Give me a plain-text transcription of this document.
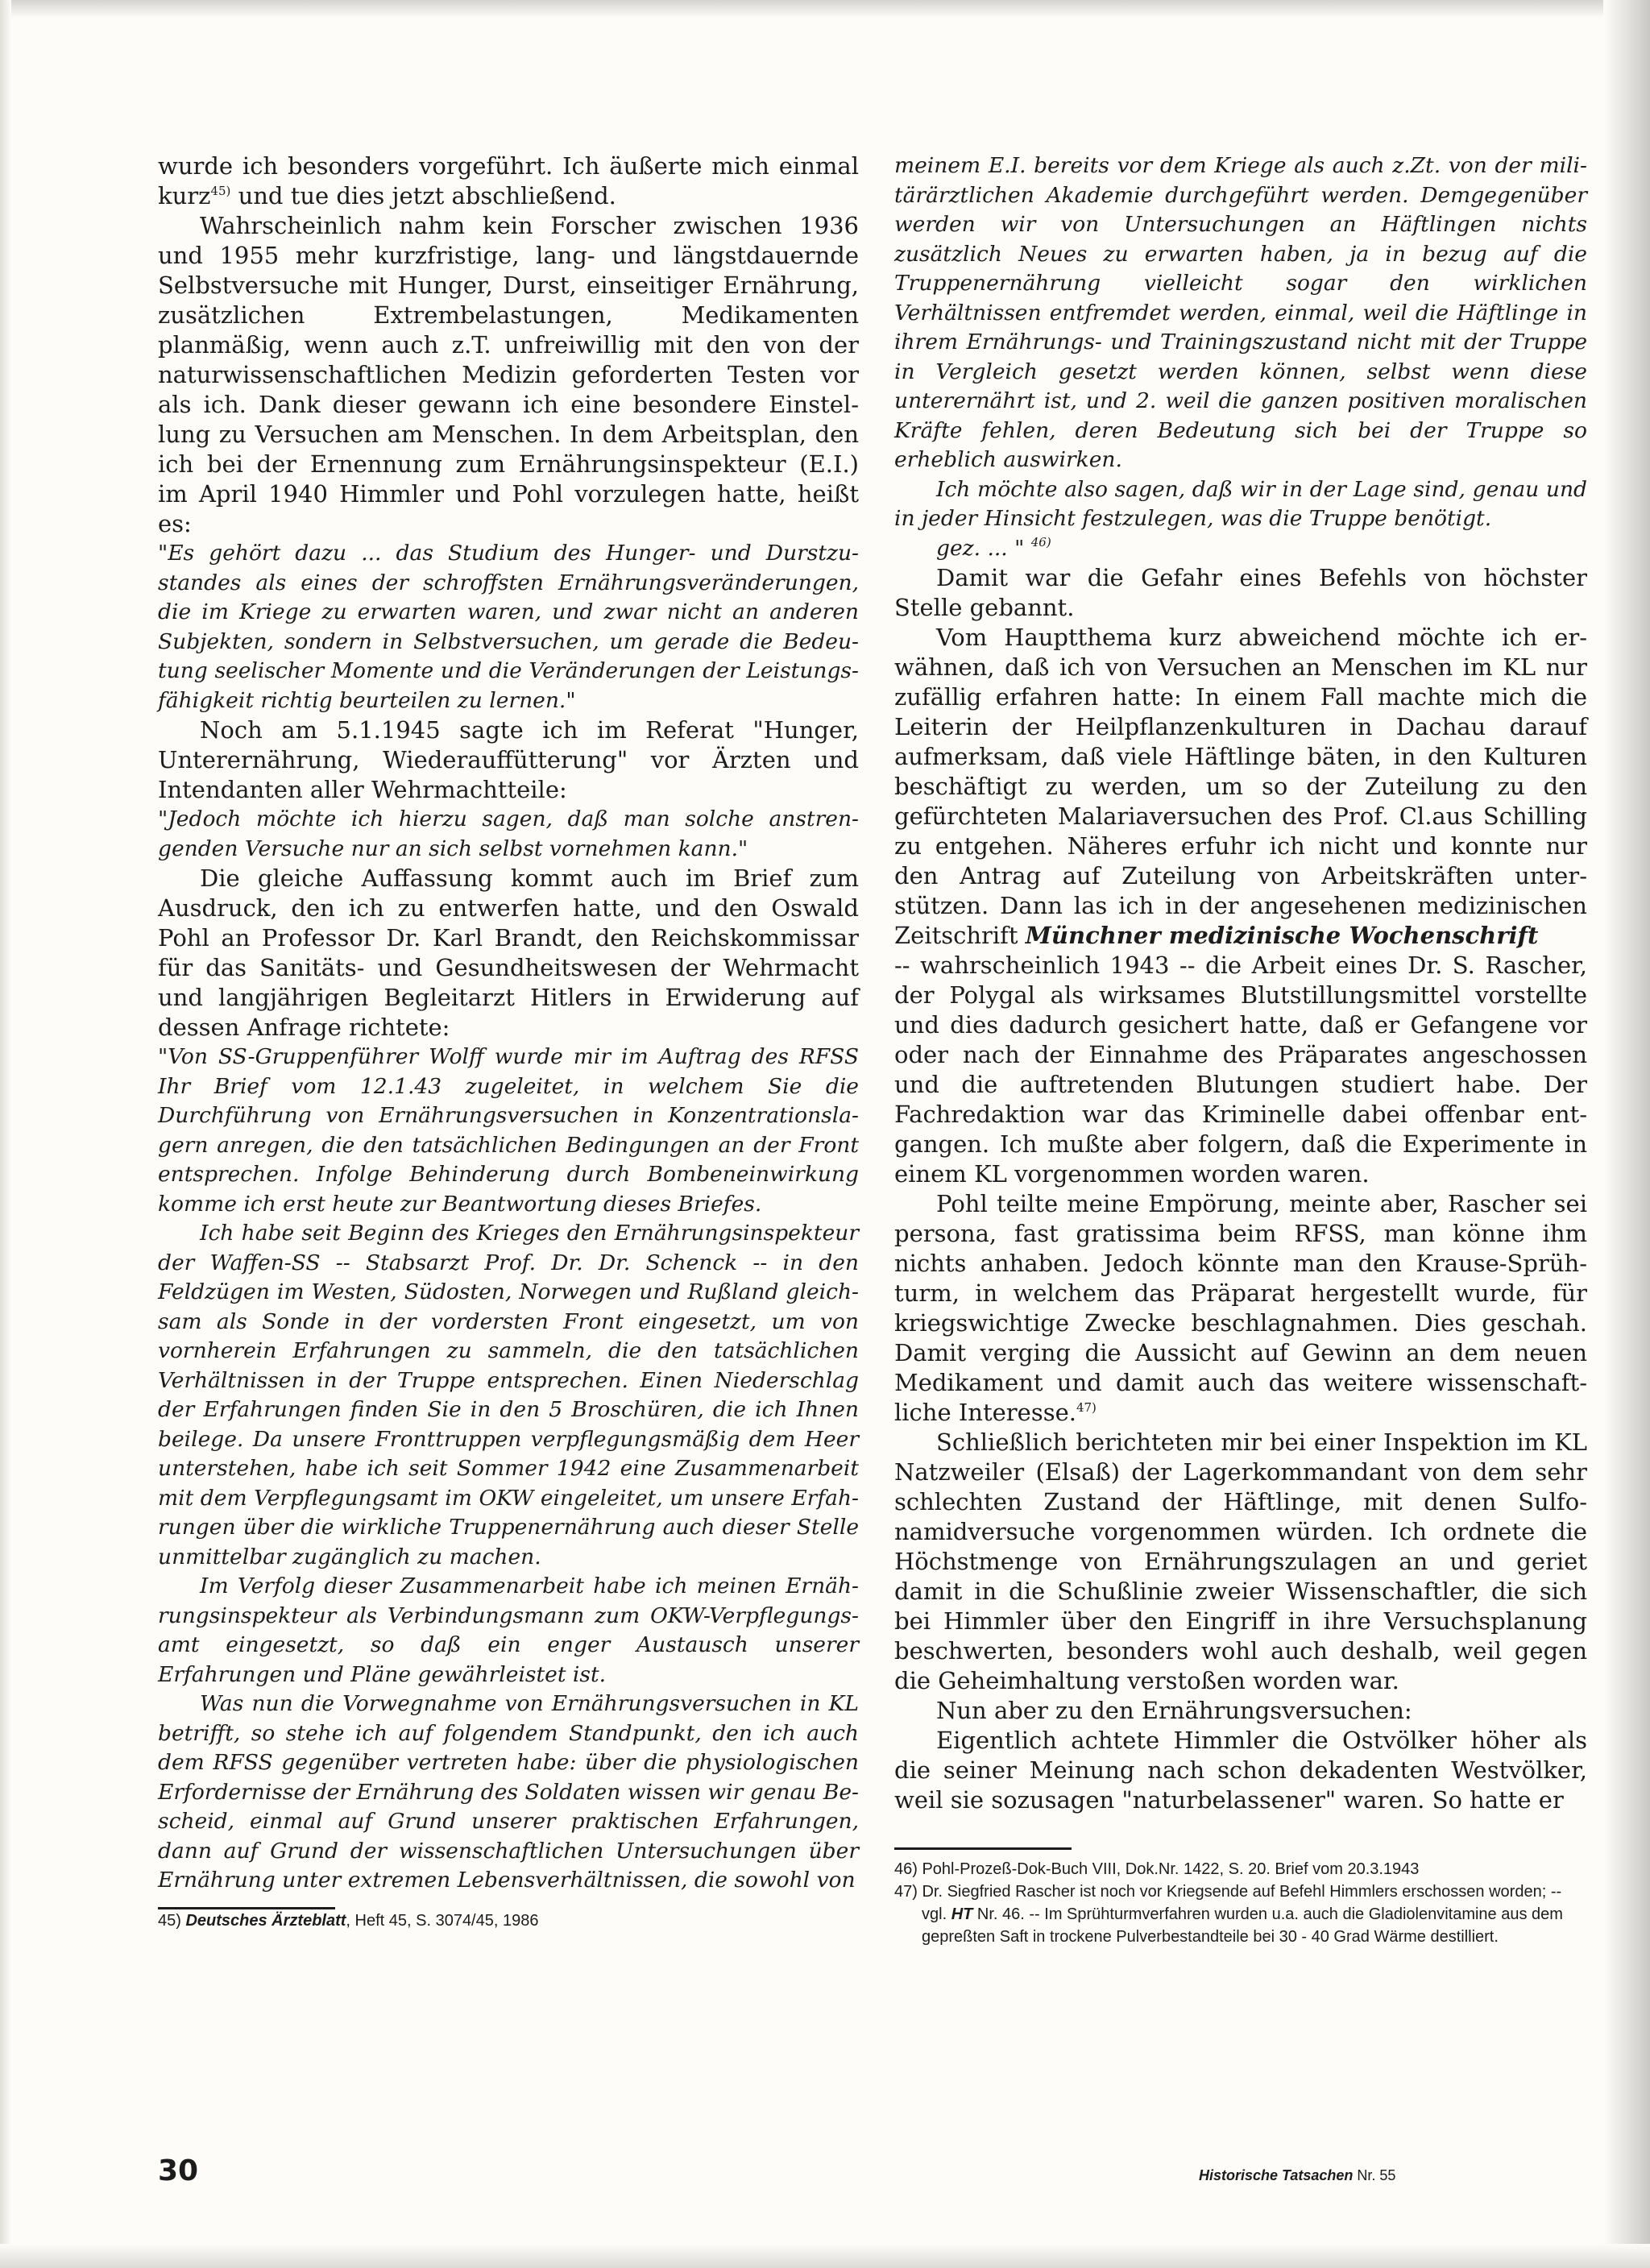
wurde ich besonders vorgeführt. Ich äußerte mich einmal kurz$^{45)}$ und tue dies jetzt abschließend.

Wahrscheinlich nahm kein Forscher zwischen 1936 und 1955 mehr kurzfristige, lang- und längstdauernde Selbstversuche mit Hunger, Durst, einseitiger Ernährung, zusätzlichen Extrembelastungen, Medikamenten planmäßig, wenn auch z.T. unfreiwillig mit den von der naturwissenschaftlichen Medizin geforderten Testen vor als ich. Dank dieser gewann ich eine besondere Einstellung zu Versuchen am Menschen. In dem Arbeitsplan, den ich bei der Ernennung zum Ernährungsinspekteur (E.I.) im April 1940 Himmler und Pohl vorzulegen hatte, heißt es:

"Es gehört dazu ... das Studium des Hunger- und Durstzustandes als eines der schroffsten Ernährungsveränderungen, die im Kriege zu erwarten waren, und zwar nicht an anderen Subjekten, sondern in Selbstversuchen, um gerade die Bedeutung seelischer Momente und die Veränderungen der Leistungsfähigkeit richtig beurteilen zu lernen."

Noch am 5.1.1945 sagte ich im Referat "Hunger, Unterernährung, Wiederauffütterung" vor Ärzten und Intendanten aller Wehrmachtteile:

"Jedoch möchte ich hierzu sagen, daß man solche anstrengenden Versuche nur an sich selbst vornehmen kann."

Die gleiche Auffassung kommt auch im Brief zum Ausdruck, den ich zu entwerfen hatte, und den Oswald Pohl an Professor Dr. Karl Brandt, den Reichskommissar für das Sanitäts- und Gesundheitswesen der Wehrmacht und langjährigen Begleitarzt Hitlers in Erwiderung auf dessen Anfrage richtete:

"Von SS-Gruppenführer Wolff wurde mir im Auftrag des RFSS Ihr Brief vom 12.1.43 zugeleitet, in welchem Sie die Durchführung von Ernährungsversuchen in Konzentrationslagern anregen, die den tatsächlichen Bedingungen an der Front entsprechen. Infolge Behinderung durch Bombeneinwirkung komme ich erst heute zur Beantwortung dieses Briefes.

Ich habe seit Beginn des Krieges den Ernährungsinspekteur der Waffen-SS -- Stabsarzt Prof. Dr. Dr. Schenck -- in den Feldzügen im Westen, Südosten, Norwegen und Rußland gleichsam als Sonde in der vordersten Front eingesetzt, um von vornherein Erfahrungen zu sammeln, die den tatsächlichen Verhältnissen in der Truppe entsprechen. Einen Niederschlag der Erfahrungen finden Sie in den 5 Broschüren, die ich Ihnen beilege. Da unsere Fronttruppen verpflegungsmäßig dem Heer unterstehen, habe ich seit Sommer 1942 eine Zusammenarbeit mit dem Verpflegungsamt im OKW eingeleitet, um unsere Erfahrungen über die wirkliche Truppenernährung auch dieser Stelle unmittelbar zugänglich zu machen.

Im Verfolg dieser Zusammenarbeit habe ich meinen Ernährungsinspekteur als Verbindungsmann zum OKW-Verpflegungsamt eingesetzt, so daß ein enger Austausch unserer Erfahrungen und Pläne gewährleistet ist.

Was nun die Vorwegnahme von Ernährungsversuchen in KL betrifft, so stehe ich auf folgendem Standpunkt, den ich auch dem RFSS gegenüber vertreten habe: über die physiologischen Erfordernisse der Ernährung des Soldaten wissen wir genau Bescheid, einmal auf Grund unserer praktischen Erfahrungen, dann auf Grund der wissenschaftlichen Untersuchungen über Ernährung unter extremen Lebensverhältnissen, die sowohl von

45) Deutsches Ärzteblatt, Heft 45, S. 3074/45, 1986

meinem E.I. bereits vor dem Kriege als auch z.Zt. von der militärärztlichen Akademie durchgeführt werden. Demgegenüber werden wir von Untersuchungen an Häftlingen nichts zusätzlich Neues zu erwarten haben, ja in bezug auf die Truppenernährung vielleicht sogar den wirklichen Verhältnissen entfremdet werden, einmal, weil die Häftlinge in ihrem Ernährungs- und Trainingszustand nicht mit der Truppe in Vergleich gesetzt werden können, selbst wenn diese unterernährt ist, und 2. weil die ganzen positiven moralischen Kräfte fehlen, deren Bedeutung sich bei der Truppe so erheblich auswirken.

Ich möchte also sagen, daß wir in der Lage sind, genau und in jeder Hinsicht festzulegen, was die Truppe benötigt.

gez. ... " $^{46)}$

Damit war die Gefahr eines Befehls von höchster Stelle gebannt.

Vom Hauptthema kurz abweichend möchte ich erwähnen, daß ich von Versuchen an Menschen im KL nur zufällig erfahren hatte: In einem Fall machte mich die Leiterin der Heilpflanzenkulturen in Dachau darauf aufmerksam, daß viele Häftlinge bäten, in den Kulturen beschäftigt zu werden, um so der Zuteilung zu den gefürchteten Malariaversuchen des Prof. Cl.aus Schilling zu entgehen. Näheres erfuhr ich nicht und konnte nur den Antrag auf Zuteilung von Arbeitskräften unterstützen. Dann las ich in der angesehenen medizinischen Zeitschrift Münchner medizinische Wochenschrift

-- wahrscheinlich 1943 -- die Arbeit eines Dr. S. Rascher, der Polygal als wirksames Blutstillungsmittel vorstellte und dies dadurch gesichert hatte, daß er Gefangene vor oder nach der Einnahme des Präparates angeschossen und die auftretenden Blutungen studiert habe. Der Fachredaktion war das Kriminelle dabei offenbar entgangen. Ich mußte aber folgern, daß die Experimente in einem KL vorgenommen worden waren.

Pohl teilte meine Empörung, meinte aber, Rascher sei persona, fast gratissima beim RFSS, man könne ihm nichts anhaben. Jedoch könnte man den Krause-Sprühturm, in welchem das Präparat hergestellt wurde, für kriegswichtige Zwecke beschlagnahmen. Dies geschah. Damit verging die Aussicht auf Gewinn an dem neuen Medikament und damit auch das weitere wissenschaftliche Interesse.$^{47)}$

Schließlich berichteten mir bei einer Inspektion im KL Natzweiler (Elsaß) der Lagerkommandant von dem sehr schlechten Zustand der Häftlinge, mit denen Sulfonamidversuche vorgenommen würden. Ich ordnete die Höchstmenge von Ernährungszulagen an und geriet damit in die Schußlinie zweier Wissenschaftler, die sich bei Himmler über den Eingriff in ihre Versuchsplanung beschwerten, besonders wohl auch deshalb, weil gegen die Geheimhaltung verstoßen worden war.

Nun aber zu den Ernährungsversuchen:

Eigentlich achtete Himmler die Ostvölker höher als die seiner Meinung nach schon dekadenten Westvölker, weil sie sozusagen "naturbelassener" waren. So hatte er

46) Pohl-Prozeß-Dok-Buch VIII, Dok.Nr. 1422, S. 20. Brief vom 20.3.1943

47) Dr. Siegfried Rascher ist noch vor Kriegsende auf Befehl Himmlers erschossen worden; -- vgl. HT Nr. 46. -- Im Sprühturmverfahren wurden u.a. auch die Gladiolenvitamine aus dem gepreßten Saft in trockene Pulverbestandteile bei 30 - 40 Grad Wärme destilliert.

30	Historische Tatsachen Nr. 55
